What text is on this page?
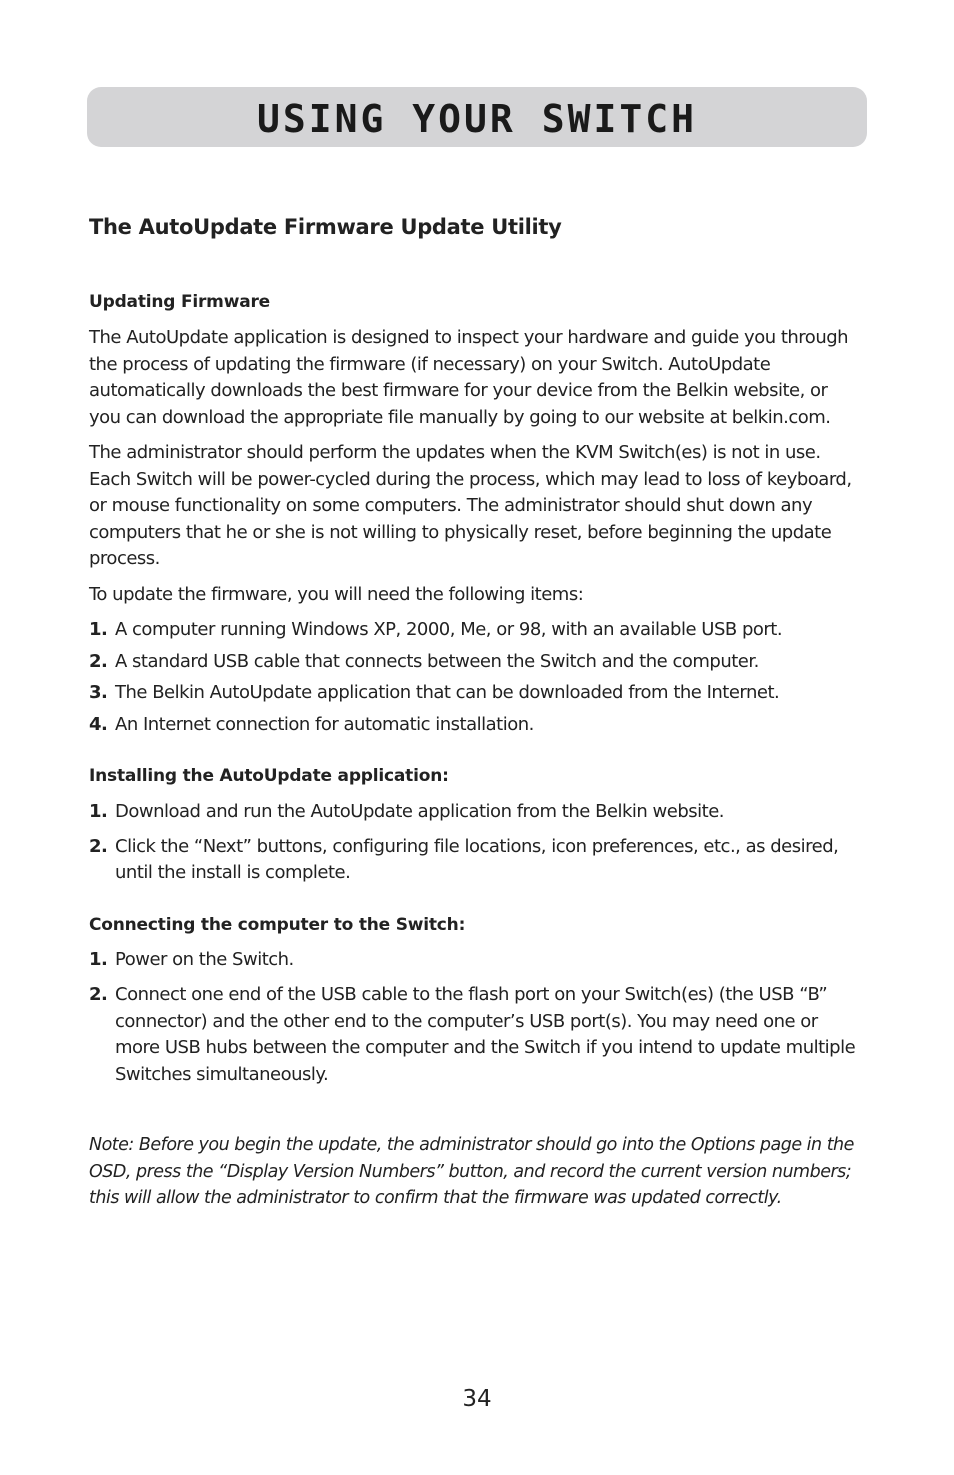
USING YOUR SWITCH
The AutoUpdate Firmware Update Utility
Updating Firmware

The AutoUpdate application is designed to inspect your hardware and guide you through the process of updating the firmware (if necessary) on your Switch. AutoUpdate automatically downloads the best firmware for your device from the Belkin website, or you can download the appropriate file manually by going to our website at belkin.com.

The administrator should perform the updates when the KVM Switch(es) is not in use. Each Switch will be power-cycled during the process, which may lead to loss of keyboard, or mouse functionality on some computers. The administrator should shut down any computers that he or she is not willing to physically reset, before beginning the update process.

To update the firmware, you will need the following items:

1. A computer running Windows XP, 2000, Me, or 98, with an available USB port.
2. A standard USB cable that connects between the Switch and the computer.
3. The Belkin AutoUpdate application that can be downloaded from the Internet.
4. An Internet connection for automatic installation.
Installing the AutoUpdate application:
1. Download and run the AutoUpdate application from the Belkin website.
2. Click the “Next” buttons, configuring file locations, icon preferences, etc., as desired, until the install is complete.
Connecting the computer to the Switch:
1. Power on the Switch.
2. Connect one end of the USB cable to the flash port on your Switch(es) (the USB “B” connector) and the other end to the computer’s USB port(s). You may need one or more USB hubs between the computer and the Switch if you intend to update multiple Switches simultaneously.

Note: Before you begin the update, the administrator should go into the Options page in the OSD, press the “Display Version Numbers” button, and record the current version numbers; this will allow the administrator to confirm that the firmware was updated correctly.

34
